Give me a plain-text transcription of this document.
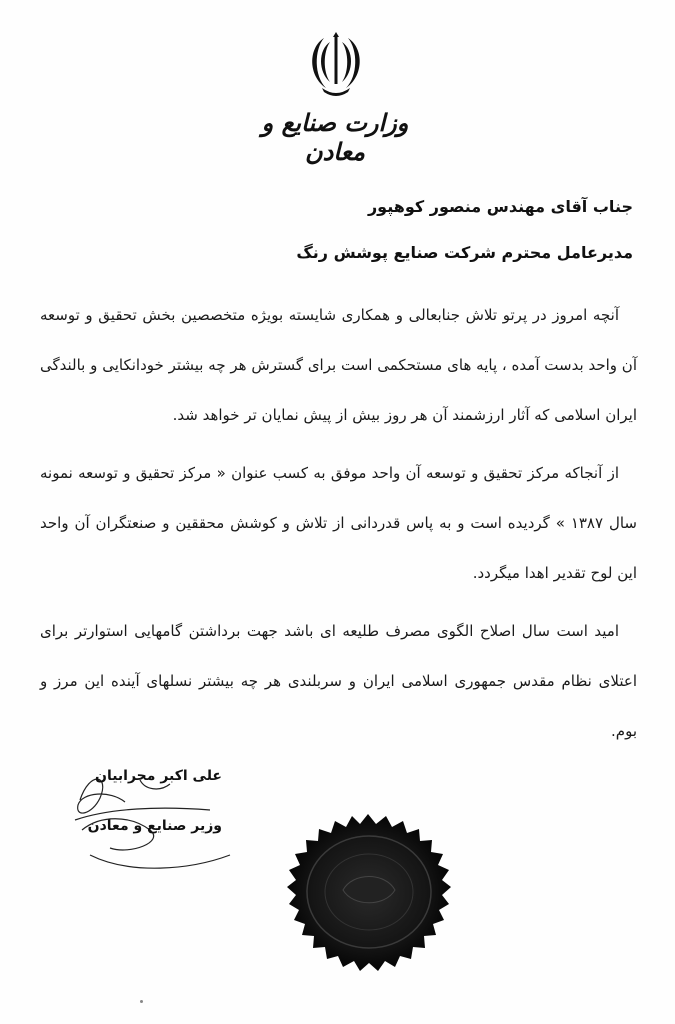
وزارت صنایع و معادن
جناب آقای مهندس منصور کوهپور
مدیرعامل محترم شرکت صنایع پوشش رنگ

آنچه امروز در پرتو تلاش جنابعالی و همکاری شایسته بویژه متخصصین بخش تحقیق و توسعه آن واحد بدست آمده ، پایه های مستحکمی است برای گسترش هر چه بیشتر خودانکایی و بالندگی ایران اسلامی که آثار ارزشمند آن هر روز بیش از پیش نمایان تر خواهد شد.

از آنجاکه مرکز تحقیق و توسعه آن واحد موفق به کسب عنوان « مرکز تحقیق و توسعه نمونه سال ۱۳۸۷ » گردیده است و به پاس قدردانی از تلاش و کوشش محققین و صنعتگران آن واحد این لوح تقدیر اهدا میگردد.

امید است سال اصلاح الگوی مصرف طلیعه ای باشد جهت برداشتن گامهایی استوارتر برای اعتلای نظام مقدس جمهوری اسلامی ایران و سربلندی هر چه بیشتر نسلهای آینده این مرز و بوم.

علی اکبر محرابیان
وزیر صنایع و معادن
